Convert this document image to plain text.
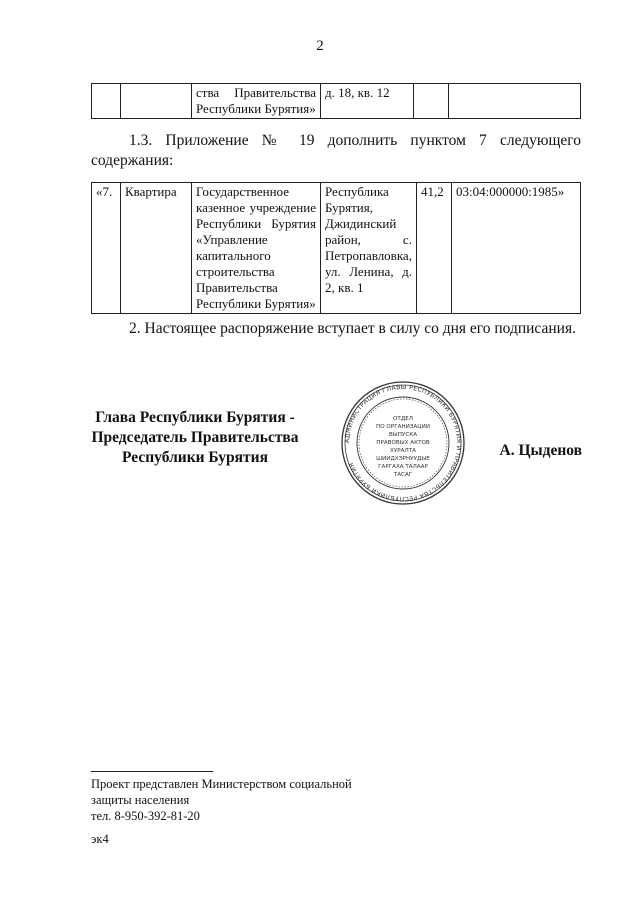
2
		ства Правительства Республики Бурятия»	д. 18, кв. 12		
1.3. Приложение № 19 дополнить пунктом 7 следующего содержания:
«7.	Квартира	Государственное казенное учреждение Республики Бурятия «Управление капитального строительства Правительства Республики Бурятия»	Республика Бурятия, Джидинский район, с. Петропавловка, ул. Ленина, д. 2, кв. 1	41,2	03:04:000000:1985»
2. Настоящее распоряжение вступает в силу со дня его подписания.
Глава Республики Бурятия -
Председатель Правительства
Республики Бурятия
АДМИНИСТРАЦИЯ ГЛАВЫ РЕСПУБЛИКИ БУРЯТИЯ И ПРАВИТЕЛЬСТВА РЕСПУБЛИКИ БУРЯТИЯ
ОТДЕЛ
ПО ОРГАНИЗАЦИИ
ВЫПУСКА
ПРАВОВЫХ АКТОВ
ХУРАЛТА
ШИИДХЭРНУУДЫЕ
ГАРГАХА ТАЛААР
ТАСАГ
А. Цыденов
Проект представлен Министерством социальной
защиты населения
тел. 8-950-392-81-20
эк4
